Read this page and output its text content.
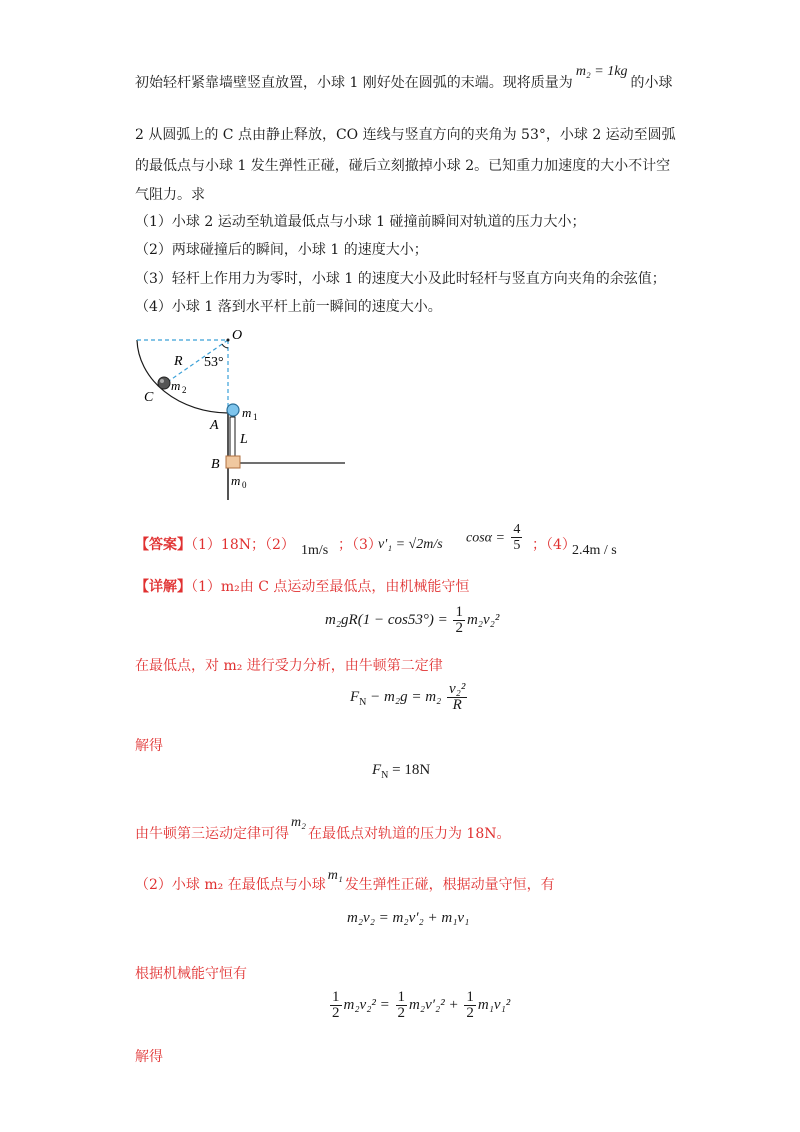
初始轻杆紧靠墙壁竖直放置，小球 1 刚好处在圆弧的末端。现将质量为m₂ = 1kg的小球
2 从圆弧上的 C 点由静止释放，CO 连线与竖直方向的夹角为 53°，小球 2 运动至圆弧
的最低点与小球 1 发生弹性正碰，碰后立刻撤掉小球 2。已知重力加速度的大小不计空
气阻力。求
（1）小球 2 运动至轨道最低点与小球 1 碰撞前瞬间对轨道的压力大小；
（2）两球碰撞后的瞬间，小球 1 的速度大小；
（3）轻杆上作用力为零时，小球 1 的速度大小及此时轻杆与竖直方向夹角的余弦值；
（4）小球 1 落到水平杆上前一瞬间的速度大小。
O
R 53°
C
m 2
m 1
A
L
B
m 0
【答案】（1）18N；（2） 1m/s ；（3）
v'₁ = √2m/s $\cos\alpha = \frac{4}{5}$ ；（4）
2.4m / s
【详解】（1）m₂由 C 点运动至最低点，由机械能守恒
$m_2gR(1 - \cos 53^\circ) = \frac{1}{2} m_2v_2^2$
在最低点，对 m₂ 进行受力分析，由牛顿第二定律
$F_N - m_2g = m_2 \frac{\text{v₂²}}{R}$
解得
$F_N = 18N$
由牛顿第三运动定律可得m₂在最低点对轨道的压力为 18N。
（2）小球 m₂ 在最低点与小球m₁发生弹性正碰，根据动量守恒，有
m₂v₂ = m₂v′₂ + m₁v₁
根据机械能守恒有
$\frac{1}{2} m_2v_2^2 = \frac{1}{2} m_2v'_2^2 + \frac{1}{2} m_1v_1^2$
解得
